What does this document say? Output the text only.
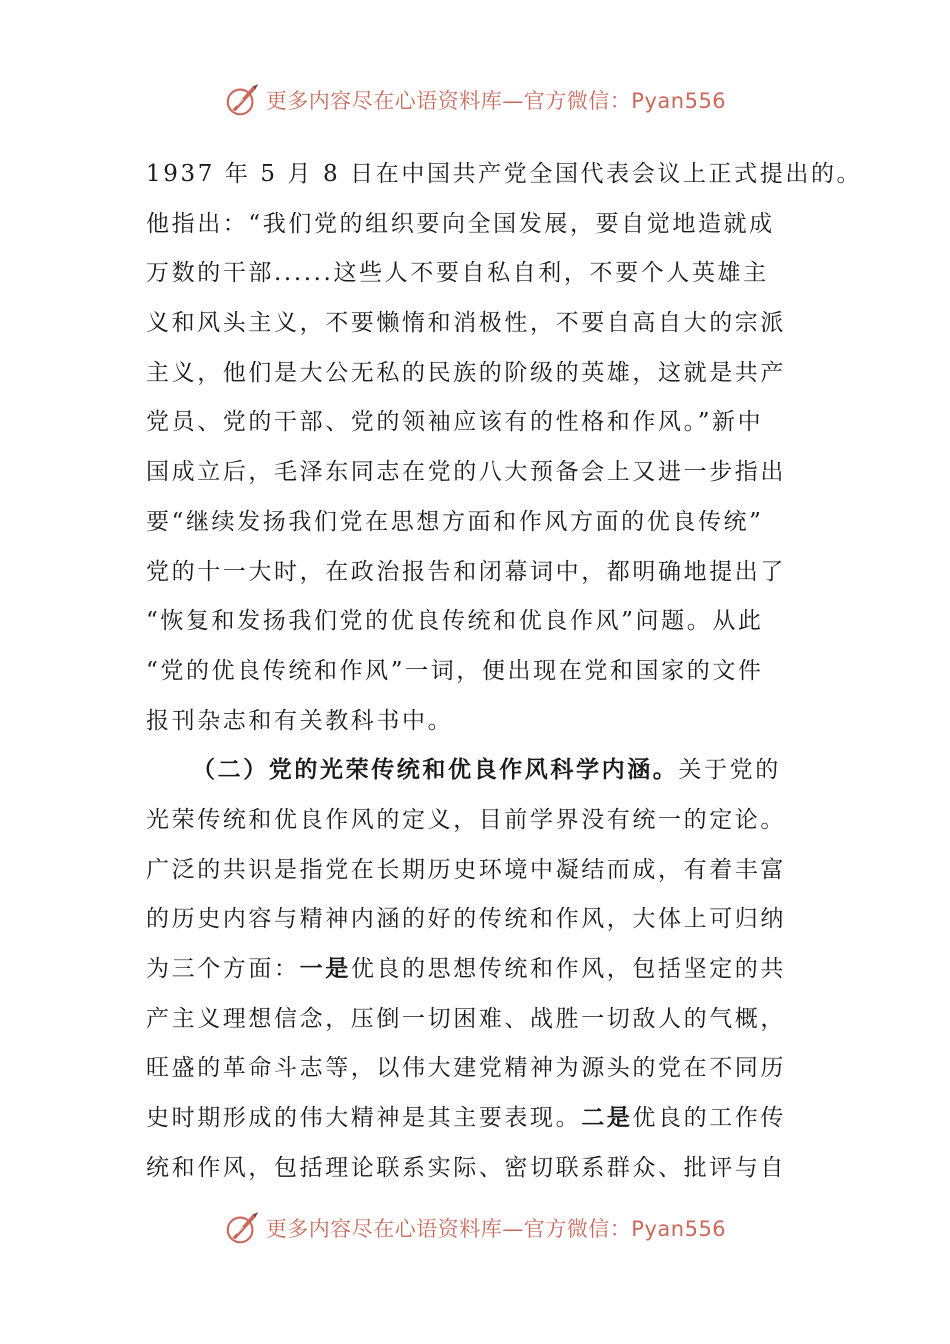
更多内容尽在心语资料库—官方微信：Pyan556
1937 年 5 月 8 日在中国共产党全国代表会议上正式提出的。
他指出：“我们党的组织要向全国发展，要自觉地造就成
万数的干部......这些人不要自私自利，不要个人英雄主
义和风头主义，不要懒惰和消极性，不要自高自大的宗派
主义，他们是大公无私的民族的阶级的英雄，这就是共产
党员、党的干部、党的领袖应该有的性格和作风。”新中
国成立后，毛泽东同志在党的八大预备会上又进一步指出
要“继续发扬我们党在思想方面和作风方面的优良传统”
党的十一大时，在政治报告和闭幕词中，都明确地提出了
“恢复和发扬我们党的优良传统和优良作风”问题。从此
“党的优良传统和作风”一词，便出现在党和国家的文件
报刊杂志和有关教科书中。
（二）党的光荣传统和优良作风科学内涵。关于党的
光荣传统和优良作风的定义，目前学界没有统一的定论。
广泛的共识是指党在长期历史环境中凝结而成，有着丰富
的历史内容与精神内涵的好的传统和作风，大体上可归纳
为三个方面：一是优良的思想传统和作风，包括坚定的共
产主义理想信念，压倒一切困难、战胜一切敌人的气概，
旺盛的革命斗志等，以伟大建党精神为源头的党在不同历
史时期形成的伟大精神是其主要表现。二是优良的工作传
统和作风，包括理论联系实际、密切联系群众、批评与自
更多内容尽在心语资料库—官方微信：Pyan556
